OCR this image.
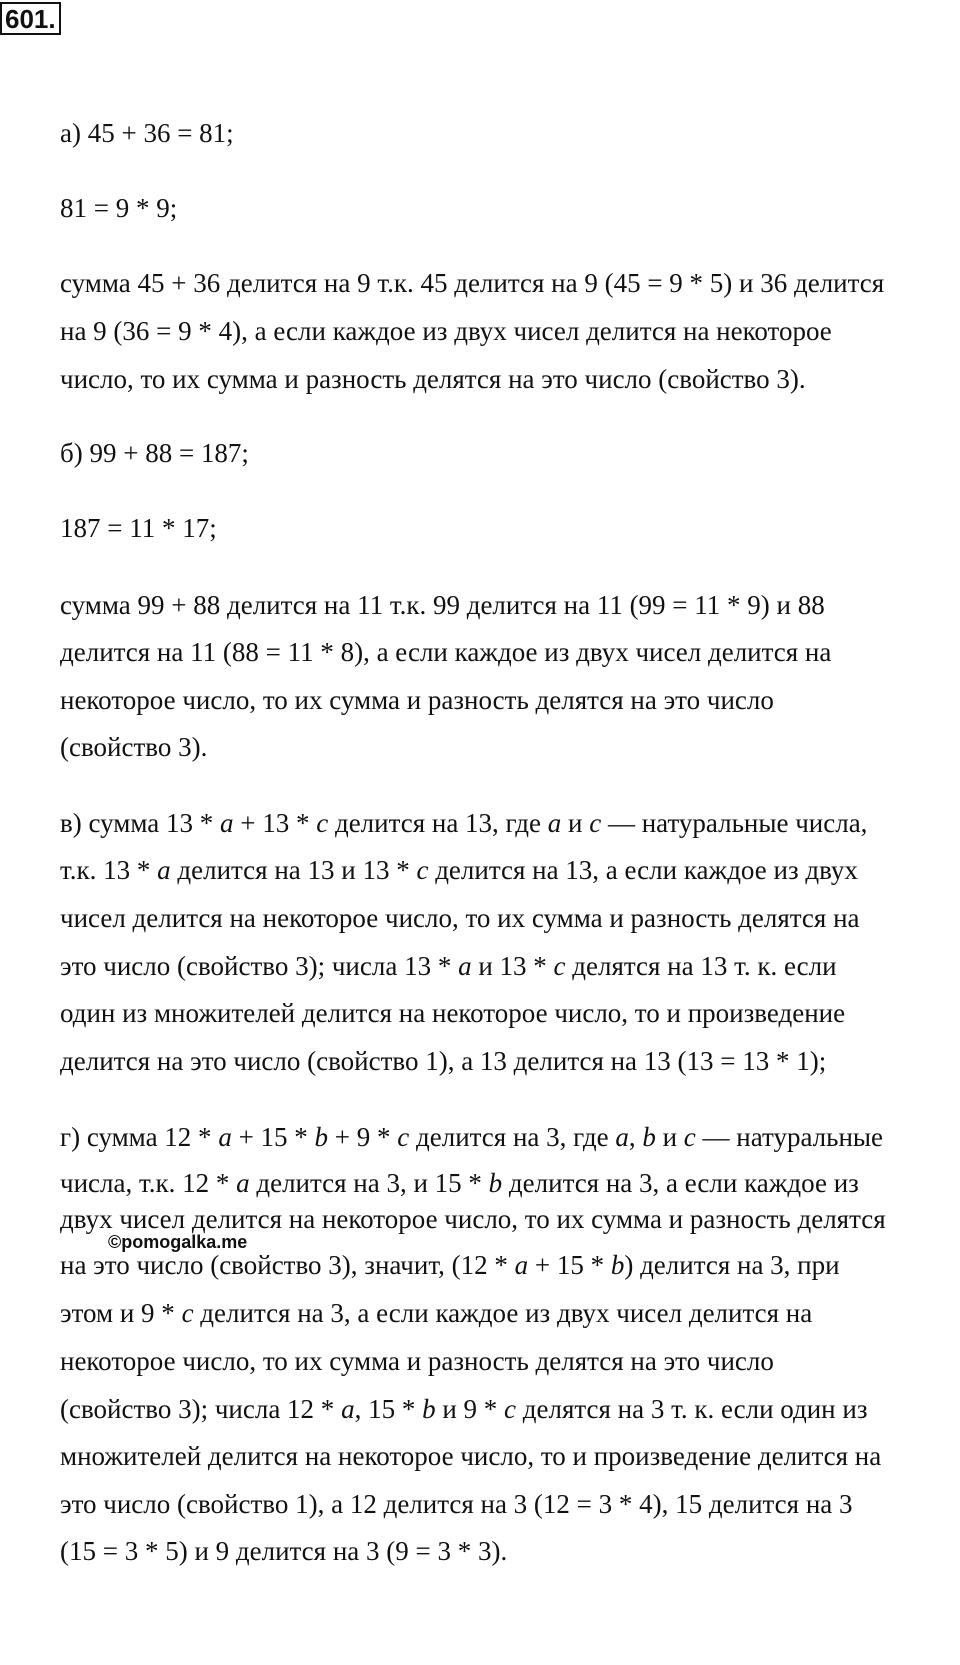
601.
а) 45 + 36 = 81;
81 = 9 * 9;
сумма 45 + 36 делится на 9 т.к. 45 делится на 9 (45 = 9 * 5) и 36 делится
на 9 (36 = 9 * 4), а если каждое из двух чисел делится на некоторое
число, то их сумма и разность делятся на это число (свойство 3).
б) 99 + 88 = 187;
187 = 11 * 17;
сумма 99 + 88 делится на 11 т.к. 99 делится на 11 (99 = 11 * 9) и 88
делится на 11 (88 = 11 * 8), а если каждое из двух чисел делится на
некоторое число, то их сумма и разность делятся на это число
(свойство 3).
в) сумма 13 * a + 13 * c делится на 13, где a и c — натуральные числа,
т.к. 13 * a делится на 13 и 13 * c делится на 13, а если каждое из двух
чисел делится на некоторое число, то их сумма и разность делятся на
это число (свойство 3); числа 13 * a и 13 * c делятся на 13 т. к. если
один из множителей делится на некоторое число, то и произведение
делится на это число (свойство 1), а 13 делится на 13 (13 = 13 * 1);
г) сумма 12 * a + 15 * b + 9 * c делится на 3, где a, b и c — натуральные
числа, т.к. 12 * a делится на 3, и 15 * b делится на 3, а если каждое из
двух чисел делится на некоторое число, то их сумма и разность делятся
на это число (свойство 3), значит, (12 * a + 15 * b) делится на 3, при
этом и 9 * c делится на 3, а если каждое из двух чисел делится на
некоторое число, то их сумма и разность делятся на это число
(свойство 3); числа 12 * a, 15 * b и 9 * c делятся на 3 т. к. если один из
множителей делится на некоторое число, то и произведение делится на
это число (свойство 1), а 12 делится на 3 (12 = 3 * 4), 15 делится на 3
(15 = 3 * 5) и 9 делится на 3 (9 = 3 * 3).
©pomogalka.me
